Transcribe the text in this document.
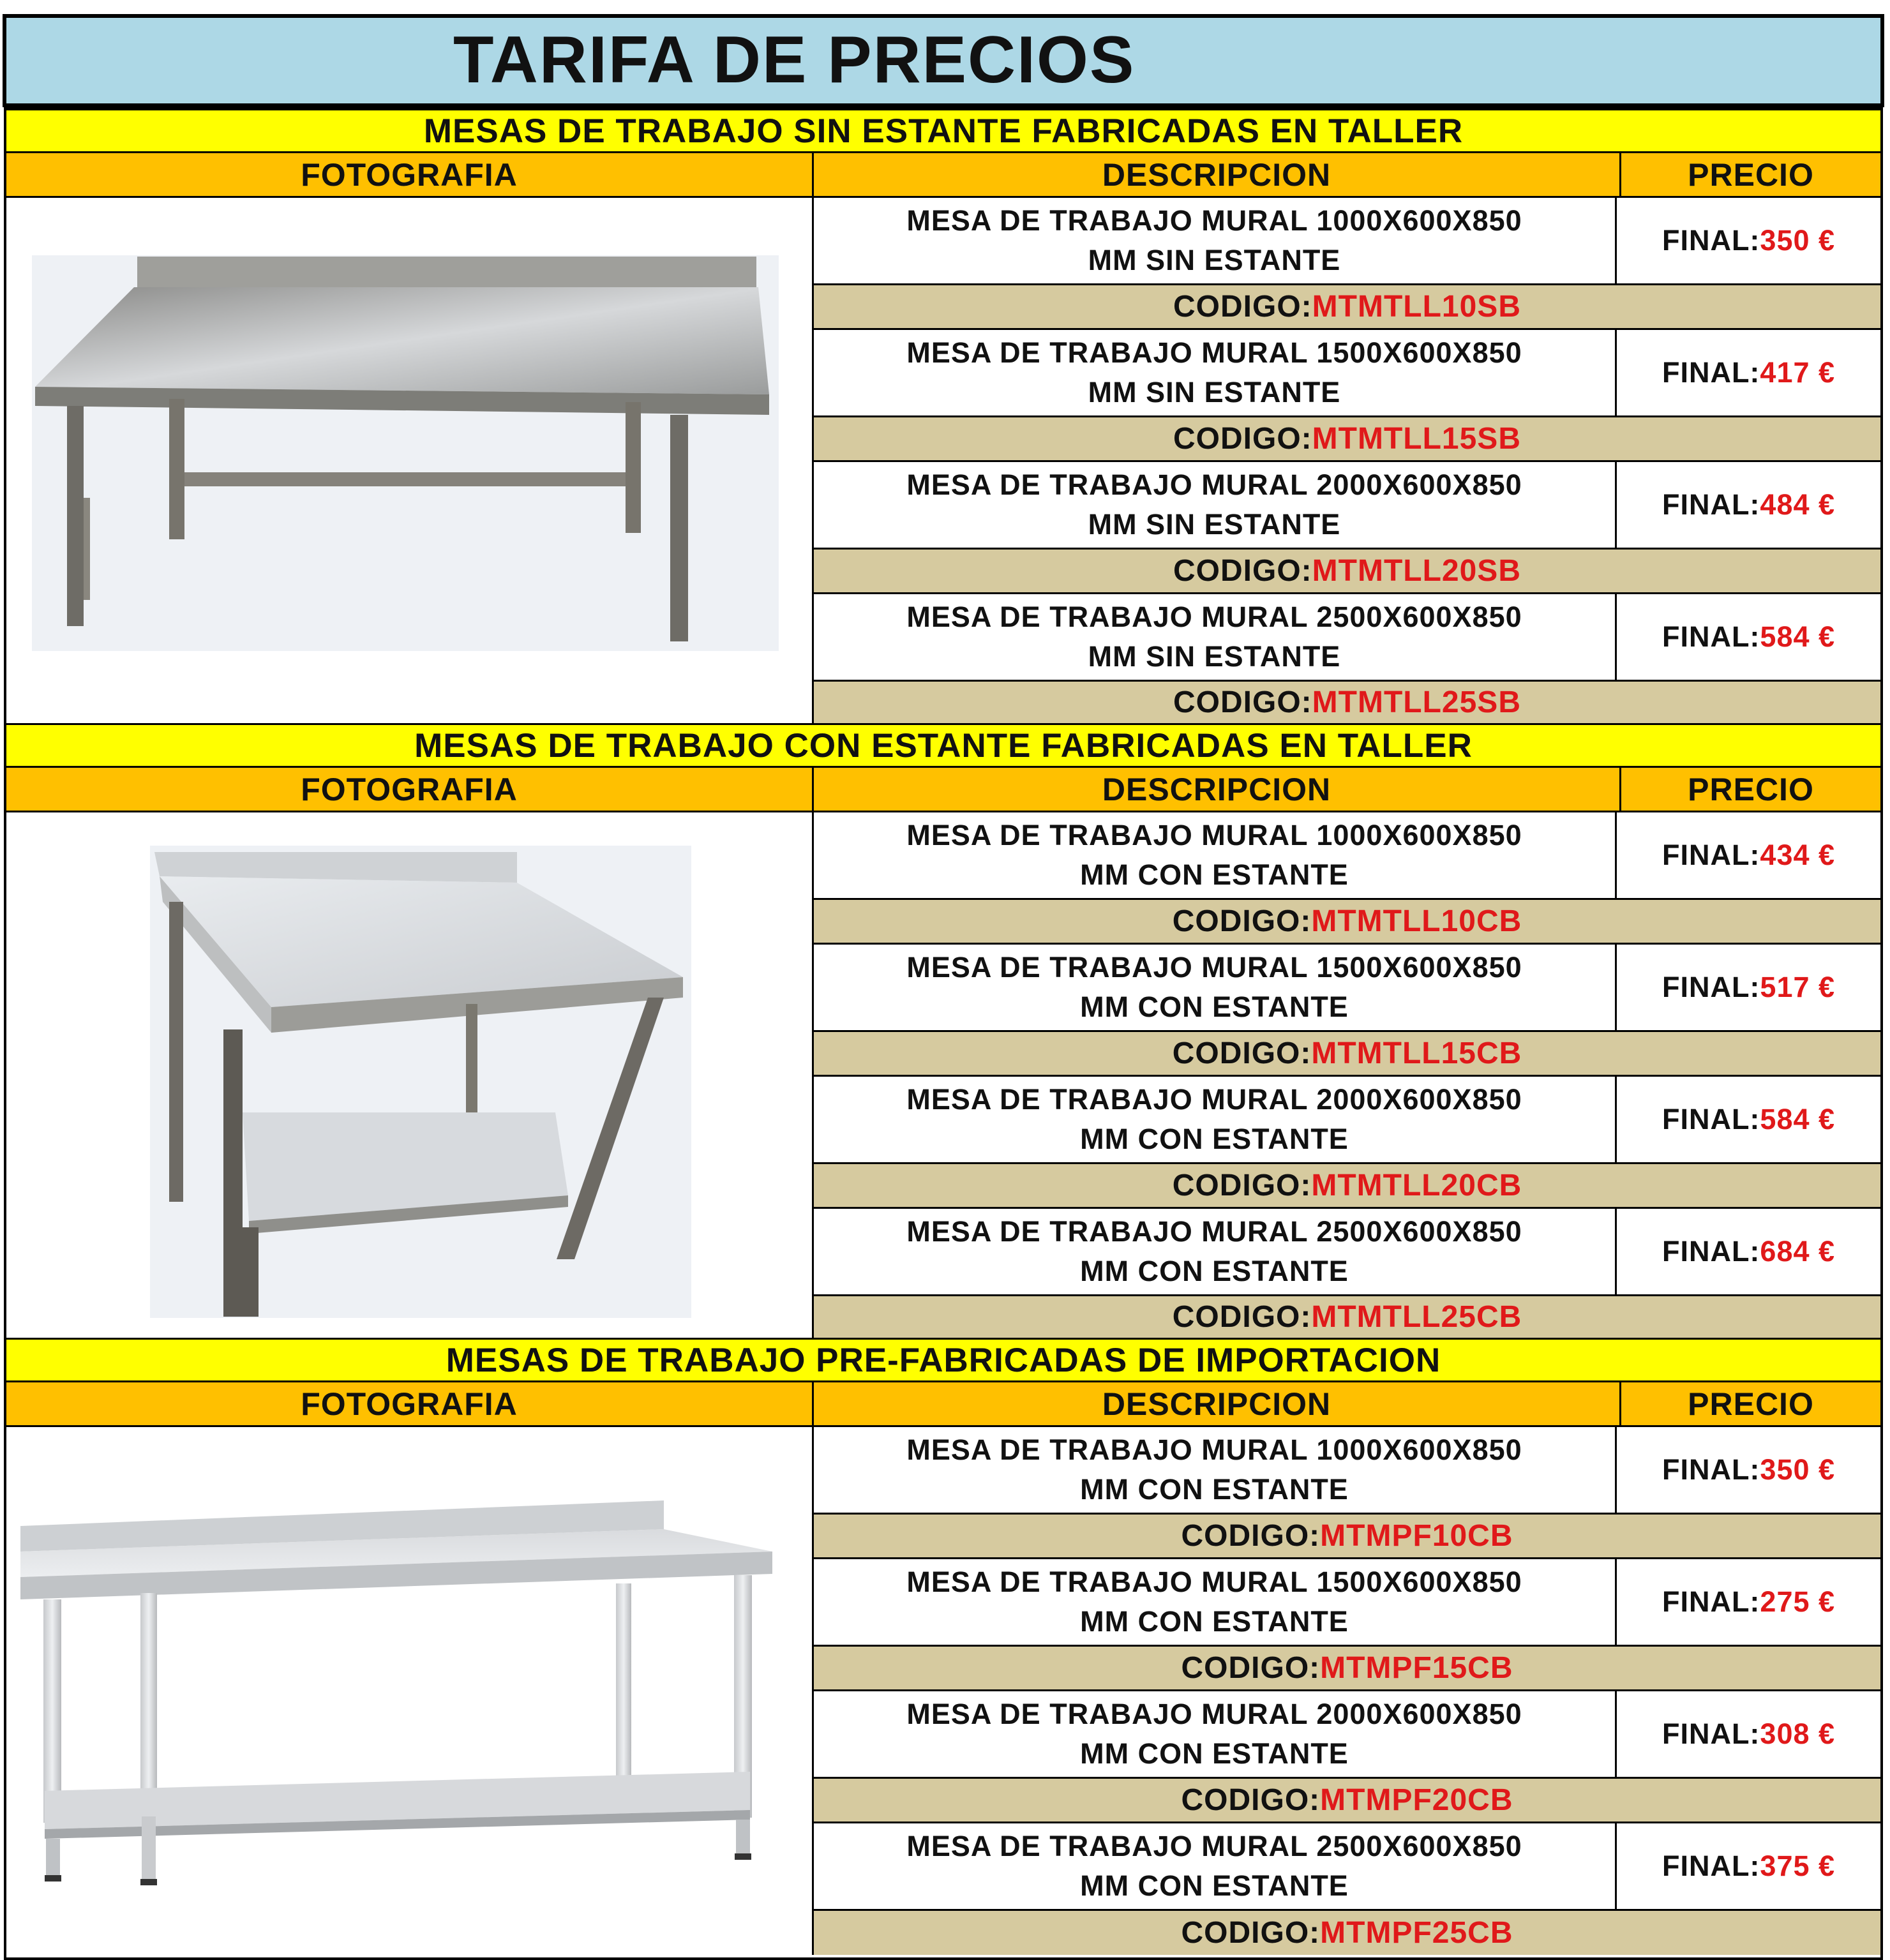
TARIFA DE PRECIOS
MESAS DE TRABAJO SIN ESTANTE FABRICADAS EN TALLER
FOTOGRAFIA	DESCRIPCION	PRECIO
MESA DE TRABAJO MURAL 1000X600X850
MM SIN ESTANTE
FINAL: 350 €
CODIGO: MTMTLL10SB
MESA DE TRABAJO MURAL 1500X600X850
MM SIN ESTANTE
FINAL: 417 €
CODIGO: MTMTLL15SB
MESA DE TRABAJO MURAL 2000X600X850
MM SIN ESTANTE
FINAL: 484 €
CODIGO: MTMTLL20SB
MESA DE TRABAJO MURAL 2500X600X850
MM SIN ESTANTE
FINAL: 584 €
CODIGO: MTMTLL25SB
MESAS DE TRABAJO CON ESTANTE FABRICADAS EN TALLER
FOTOGRAFIA	DESCRIPCION	PRECIO
MESA DE TRABAJO MURAL 1000X600X850
MM CON ESTANTE
FINAL: 434 €
CODIGO: MTMTLL10CB
MESA DE TRABAJO MURAL 1500X600X850
MM CON ESTANTE
FINAL: 517 €
CODIGO: MTMTLL15CB
MESA DE TRABAJO MURAL 2000X600X850
MM CON ESTANTE
FINAL: 584 €
CODIGO: MTMTLL20CB
MESA DE TRABAJO MURAL 2500X600X850
MM CON ESTANTE
FINAL: 684 €
CODIGO: MTMTLL25CB
MESAS DE TRABAJO PRE-FABRICADAS DE IMPORTACION
FOTOGRAFIA	DESCRIPCION	PRECIO
MESA DE TRABAJO MURAL 1000X600X850
MM CON ESTANTE
FINAL: 350 €
CODIGO: MTMPF10CB
MESA DE TRABAJO MURAL 1500X600X850
MM CON ESTANTE
FINAL: 275 €
CODIGO: MTMPF15CB
MESA DE TRABAJO MURAL 2000X600X850
MM CON ESTANTE
FINAL: 308 €
CODIGO: MTMPF20CB
MESA DE TRABAJO MURAL 2500X600X850
MM CON ESTANTE
FINAL: 375 €
CODIGO: MTMPF25CB
